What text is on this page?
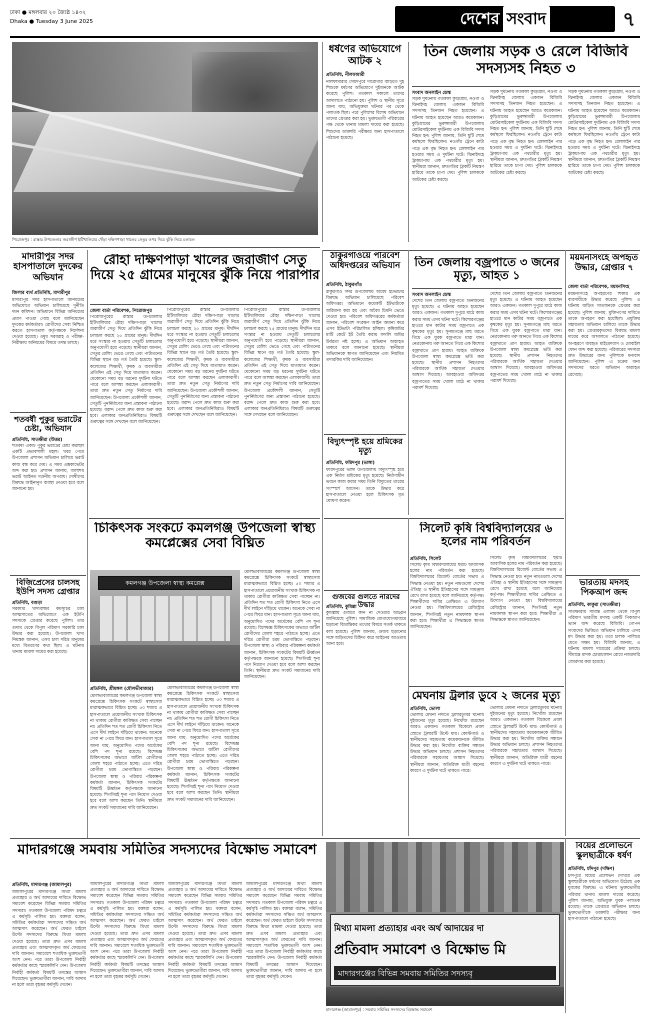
ঢাকা ● মঙ্গলবার ২০ জ্যৈষ্ঠ ১৪৩২
Dhaka ● Tuesday 3 June 2025	দেশের সংবাদ	৭
পিরোজপুর : রাস্তার উপজেলার জরাজীর্ণ ইটিখালিয়ার খেঁড়া দক্ষিণপাড়া খালের সেতুর ওপর দিয়ে ঝুঁকি নিয়ে চলাচল
ধর্ষণের অভিযোগে আটক ২
প্রতিনিধি, নীলফামারী
নীলফামারীর সৈয়দপুরে দারোগার বাড়িতে দুই শিশুকে ধর্ষণের অভিযোগে দুইজনকে আটক করেছে পুলিশ। গতকাল সকালে তাদের আদালতে পাঠানো হয়। পুলিশ ও স্থানীয় সূত্রে জানা যায়, অভিযুক্তরা ঘটনার পর থেকে পলাতক ছিল। পরে পুলিশের বিশেষ অভিযানে তাদের গ্রেপ্তার করা হয়। ভুক্তভোগী পরিবারের পক্ষ থেকে থানায় মামলা দায়ের করা হয়েছে। শিশুদের ডাক্তারি পরীক্ষার জন্য হাসপাতালে পাঠানো হয়েছে।
তিন জেলায় সড়ক ও রেলে বিজিবি সদস্যসহ নিহত ৩
সংবাদ অনলাইন ডেস্ক
সড়ক দুর্ঘটনায় গতকাল কুড়িগ্রাম, নওগাঁ ও ঝিনাইদহ জেলায় একজন বিজিবি সদস্যসহ তিনজন নিহত হয়েছেন। এ ঘটনায় আহত হয়েছেন আরও কয়েকজন। কুড়িগ্রামের ভুরুঙ্গামারী উপজেলায় মোটরসাইকেল দুর্ঘটনায় এক বিজিবি সদস্য নিহত হন। পুলিশ জানায়, তিনি ছুটি শেষে কর্মস্থলে ফিরছিলেন। নওগাঁয় ট্রেনে কাটা পড়ে এক বৃদ্ধ নিহত হন। রেললাইন পার হওয়ার সময় এ দুর্ঘটনা ঘটে। ঝিনাইদহে ট্রাকচাপায় এক পথচারীর মৃত্যু হয়। স্থানীয়রা জানান, দ্রুতগতির ট্রাকটি নিয়ন্ত্রণ হারিয়ে তাকে চাপা দেয়। পুলিশ চালককে আটকের চেষ্টা করছে।
সড়ক দুর্ঘটনায় গতকাল কুড়িগ্রাম, নওগাঁ ও ঝিনাইদহ জেলায় একজন বিজিবি সদস্যসহ তিনজন নিহত হয়েছেন। এ ঘটনায় আহত হয়েছেন আরও কয়েকজন। কুড়িগ্রামের ভুরুঙ্গামারী উপজেলায় মোটরসাইকেল দুর্ঘটনায় এক বিজিবি সদস্য নিহত হন। পুলিশ জানায়, তিনি ছুটি শেষে কর্মস্থলে ফিরছিলেন। নওগাঁয় ট্রেনে কাটা পড়ে এক বৃদ্ধ নিহত হন। রেললাইন পার হওয়ার সময় এ দুর্ঘটনা ঘটে। ঝিনাইদহে ট্রাকচাপায় এক পথচারীর মৃত্যু হয়। স্থানীয়রা জানান, দ্রুতগতির ট্রাকটি নিয়ন্ত্রণ হারিয়ে তাকে চাপা দেয়। পুলিশ চালককে আটকের চেষ্টা করছে।
সড়ক দুর্ঘটনায় গতকাল কুড়িগ্রাম, নওগাঁ ও ঝিনাইদহ জেলায় একজন বিজিবি সদস্যসহ তিনজন নিহত হয়েছেন। এ ঘটনায় আহত হয়েছেন আরও কয়েকজন। কুড়িগ্রামের ভুরুঙ্গামারী উপজেলায় মোটরসাইকেল দুর্ঘটনায় এক বিজিবি সদস্য নিহত হন। পুলিশ জানায়, তিনি ছুটি শেষে কর্মস্থলে ফিরছিলেন। নওগাঁয় ট্রেনে কাটা পড়ে এক বৃদ্ধ নিহত হন। রেললাইন পার হওয়ার সময় এ দুর্ঘটনা ঘটে। ঝিনাইদহে ট্রাকচাপায় এক পথচারীর মৃত্যু হয়। স্থানীয়রা জানান, দ্রুতগতির ট্রাকটি নিয়ন্ত্রণ হারিয়ে তাকে চাপা দেয়। পুলিশ চালককে আটকের চেষ্টা করছে।
মাদারীপুর সদর হাসপাতালে দুদকের অভিযান
জিলার ব্যর্থ প্রতিনিধি, মাদারীপুর
মাদারীপুর সদর হাসপাতালে অনিয়মের অভিযোগে অভিযান চালিয়েছে দুর্নীতি দমন কমিশন। অভিযানে বিভিন্ন অনিয়মের প্রমাণ পাওয়া গেছে বলে জানিয়েছেন দুদকের কর্মকর্তারা। রোগীদের সেবা নিশ্চিত করতে হাসপাতাল কর্তৃপক্ষকে নির্দেশনা দেওয়া হয়েছে। ওষুধ সরবরাহ ও পরীক্ষা-নিরীক্ষায় অনিয়মের বিষয়ে তদন্ত চলছে।
শতবর্ষী পুকুর ভরাটের চেষ্টা, অভিযান
প্রতিনিধি, সাতক্ষীরা (উত্তর)
শতবর্ষী একটি পুকুর ভরাটের চেষ্টা করছিল একটি প্রভাবশালী মহল। খবর পেয়ে উপজেলা প্রশাসন অভিযান চালিয়ে ভরাট কাজ বন্ধ করে দেয়। এ সময় এক্সকাভেটর জব্দ করা হয়। প্রশাসন জানায়, জলাশয় ভরাট আইনত দণ্ডনীয় অপরাধ। দোষীদের বিরুদ্ধে আইনানুগ ব্যবস্থা নেওয়া হবে বলে জানানো হয়।
বিজিপ্রেসের চালসহ ইউপি সদস্য গ্রেপ্তার
প্রতিনিধি, বগুড়া
সরকারি খাদ্যবান্ধব কর্মসূচির চাল আত্মসাতের অভিযোগে এক ইউপি সদস্যকে গ্রেপ্তার করেছে পুলিশ। তার গুদাম থেকে বিপুল পরিমাণ সরকারি চাল উদ্ধার করা হয়েছে। উপজেলা খাদ্য নিয়ন্ত্রক জানান, এসব চাল দরিদ্র মানুষের মধ্যে বিতরণের কথা ছিল। এ ঘটনায় থানায় মামলা দায়ের করা হয়েছে।
রৌহা দক্ষিণপাড়া খালের জরাজীর্ণ সেতু দিয়ে ২৫ গ্রামের মানুষের ঝুঁকি নিয়ে পারাপার
জেলা বার্তা পরিবেশক, পিরোজপুর
পিরোজপুরের রাস্তার উপজেলার ইটিখালিয়ার রৌহা দক্ষিণপাড়া খালের জরাজীর্ণ সেতু দিয়ে প্রতিদিন ঝুঁকি নিয়ে চলাচল করছে ২৫ গ্রামের মানুষ। দীর্ঘদিন ধরে সংস্কার না হওয়ায় সেতুটি চলাচলের অনুপযোগী হয়ে পড়েছে। স্থানীয়রা জানান, সেতুর রেলিং ভেঙে গেছে এবং পাটাতনের বিভিন্ন স্থানে বড় গর্ত তৈরি হয়েছে। স্কুল-কলেজের শিক্ষার্থী, কৃষক ও ব্যবসায়ীরা প্রতিদিন এই সেতু দিয়ে যাতায়াত করেন। যেকোনো সময় বড় ধরনের দুর্ঘটনা ঘটতে পারে বলে আশঙ্কা করছেন এলাকাবাসী। তারা দ্রুত নতুন সেতু নির্মাণের দাবি জানিয়েছেন। উপজেলা প্রকৌশলী জানান, সেতুটি পুনর্নির্মাণের জন্য প্রস্তাবনা পাঠানো হয়েছে। বরাদ্দ পেলে দ্রুত কাজ শুরু করা হবে। এলাকার জনপ্রতিনিধিরাও বিষয়টি গুরুত্বের সঙ্গে দেখছেন বলে জানিয়েছেন।
পিরোজপুরের রাস্তার উপজেলার ইটিখালিয়ার রৌহা দক্ষিণপাড়া খালের জরাজীর্ণ সেতু দিয়ে প্রতিদিন ঝুঁকি নিয়ে চলাচল করছে ২৫ গ্রামের মানুষ। দীর্ঘদিন ধরে সংস্কার না হওয়ায় সেতুটি চলাচলের অনুপযোগী হয়ে পড়েছে। স্থানীয়রা জানান, সেতুর রেলিং ভেঙে গেছে এবং পাটাতনের বিভিন্ন স্থানে বড় গর্ত তৈরি হয়েছে। স্কুল-কলেজের শিক্ষার্থী, কৃষক ও ব্যবসায়ীরা প্রতিদিন এই সেতু দিয়ে যাতায়াত করেন। যেকোনো সময় বড় ধরনের দুর্ঘটনা ঘটতে পারে বলে আশঙ্কা করছেন এলাকাবাসী। তারা দ্রুত নতুন সেতু নির্মাণের দাবি জানিয়েছেন। উপজেলা প্রকৌশলী জানান, সেতুটি পুনর্নির্মাণের জন্য প্রস্তাবনা পাঠানো হয়েছে। বরাদ্দ পেলে দ্রুত কাজ শুরু করা হবে। এলাকার জনপ্রতিনিধিরাও বিষয়টি গুরুত্বের সঙ্গে দেখছেন বলে জানিয়েছেন।
পিরোজপুরের রাস্তার উপজেলার ইটিখালিয়ার রৌহা দক্ষিণপাড়া খালের জরাজীর্ণ সেতু দিয়ে প্রতিদিন ঝুঁকি নিয়ে চলাচল করছে ২৫ গ্রামের মানুষ। দীর্ঘদিন ধরে সংস্কার না হওয়ায় সেতুটি চলাচলের অনুপযোগী হয়ে পড়েছে। স্থানীয়রা জানান, সেতুর রেলিং ভেঙে গেছে এবং পাটাতনের বিভিন্ন স্থানে বড় গর্ত তৈরি হয়েছে। স্কুল-কলেজের শিক্ষার্থী, কৃষক ও ব্যবসায়ীরা প্রতিদিন এই সেতু দিয়ে যাতায়াত করেন। যেকোনো সময় বড় ধরনের দুর্ঘটনা ঘটতে পারে বলে আশঙ্কা করছেন এলাকাবাসী। তারা দ্রুত নতুন সেতু নির্মাণের দাবি জানিয়েছেন। উপজেলা প্রকৌশলী জানান, সেতুটি পুনর্নির্মাণের জন্য প্রস্তাবনা পাঠানো হয়েছে। বরাদ্দ পেলে দ্রুত কাজ শুরু করা হবে। এলাকার জনপ্রতিনিধিরাও বিষয়টি গুরুত্বের সঙ্গে দেখছেন বলে জানিয়েছেন।
ঠাকুরগাঁওয়ে পরিবেশ অধিদপ্তরের অভিযান
প্রতিনিধি, ঠাকুরগাঁও
ঠাকুরগাঁও সদর উপজেলায় অবৈধ ইটভাটার বিরুদ্ধে অভিযান চালিয়েছে পরিবেশ অধিদপ্তর। অভিযানে কয়েকটি ইটভাটাকে জরিমানা করা হয় এবং অবৈধ চিমনি ভেঙে দেওয়া হয়। পরিবেশ অধিদপ্তরের কর্মকর্তারা জানান, পরিবেশ সংরক্ষণ আইন অমান্য করে এসব ইটভাটা পরিচালিত হচ্ছিল। কৃষিজমির মাটি কেটে ইট তৈরি করায় ফসলি জমির উর্বরতা নষ্ট হচ্ছে। এ অভিযান অব্যাহত থাকবে বলে জানানো হয়েছে। স্থানীয়রা অভিযানকে স্বাগত জানিয়েছেন এবং নিয়মিত তদারকির দাবি জানিয়েছেন।
বিদ্যুৎস্পৃষ্ট হয়ে শ্রমিকের মৃত্যু
প্রতিনিধি, ফরিদপুর (ভাঙ্গা)
ফরিদপুরের ভাঙ্গা উপজেলায় বিদ্যুৎস্পৃষ্ট হয়ে এক নির্মাণ শ্রমিকের মৃত্যু হয়েছে। নির্মাণাধীন ভবনে কাজ করার সময় তিনি বিদ্যুতের তারের সংস্পর্শে আসেন। তাকে উদ্ধার করে হাসপাতালে নেওয়া হলে চিকিৎসক মৃত ঘোষণা করেন।
তিন জেলায় বজ্রপাতে ৩ জনের মৃত্যু, আহত ১
সংবাদ অনলাইন ডেস্ক
দেশের তিন জেলায় বজ্রপাতে তিনজনের মৃত্যু হয়েছে। এ ঘটনায় আহত হয়েছেন আরও একজন। গতকাল দুপুরে মাঠে কাজ করার সময় এসব ঘটনা ঘটে। কিশোরগঞ্জের হাওরে ধান কাটার সময় বজ্রপাতে এক কৃষকের মৃত্যু হয়। সুনামগঞ্জে মাছ ধরতে গিয়ে এক যুবক বজ্রপাতে মারা যান। নেত্রকোনায় গরু আনতে গিয়ে এক কিশোর বজ্রাঘাতে প্রাণ হারায়। আহত ব্যক্তিকে উপজেলা স্বাস্থ্য কমপ্লেক্সে ভর্তি করা হয়েছে। স্থানীয় প্রশাসন নিহতদের পরিবারকে আর্থিক সহায়তা দেওয়ার আশ্বাস দিয়েছে। আবহাওয়া অধিদপ্তর বজ্রপাতের সময় খোলা মাঠে না থাকার পরামর্শ দিয়েছে।
দেশের তিন জেলায় বজ্রপাতে তিনজনের মৃত্যু হয়েছে। এ ঘটনায় আহত হয়েছেন আরও একজন। গতকাল দুপুরে মাঠে কাজ করার সময় এসব ঘটনা ঘটে। কিশোরগঞ্জের হাওরে ধান কাটার সময় বজ্রপাতে এক কৃষকের মৃত্যু হয়। সুনামগঞ্জে মাছ ধরতে গিয়ে এক যুবক বজ্রপাতে মারা যান। নেত্রকোনায় গরু আনতে গিয়ে এক কিশোর বজ্রাঘাতে প্রাণ হারায়। আহত ব্যক্তিকে উপজেলা স্বাস্থ্য কমপ্লেক্সে ভর্তি করা হয়েছে। স্থানীয় প্রশাসন নিহতদের পরিবারকে আর্থিক সহায়তা দেওয়ার আশ্বাস দিয়েছে। আবহাওয়া অধিদপ্তর বজ্রপাতের সময় খোলা মাঠে না থাকার পরামর্শ দিয়েছে।
ময়মনসিংহে অপহৃত উদ্ধার, গ্রেপ্তার ৭
জেলা বার্তা পরিবেশক, ময়মনসিংহ
ময়মনসিংহে অপহরণের শিকার এক ব্যবসায়ীকে উদ্ধার করেছে পুলিশ। এ ঘটনায় জড়িত সাতজনকে গ্রেপ্তার করা হয়েছে। পুলিশ জানায়, মুক্তিপণের দাবিতে তাকে অপহরণ করা হয়েছিল। প্রযুক্তির সহায়তায় অভিযান চালিয়ে তাকে উদ্ধার করা হয়। গ্রেপ্তারকৃতদের বিরুদ্ধে মামলা দায়ের করে আদালতে পাঠানো হয়েছে। অপহরণে ব্যবহৃত মাইক্রোবাস ও মোবাইল ফোন জব্দ করা হয়েছে। পরিবারের সদস্যরা দ্রুত উদ্ধারের জন্য পুলিশকে ধন্যবাদ জানিয়েছেন। পুলিশ এ চক্রের অন্য সদস্যদের ধরতে অভিযান অব্যাহত রেখেছে।
চিকিৎসক সংকটে কমলগঞ্জ উপজেলা স্বাস্থ্য কমপ্লেক্সের সেবা বিঘ্নিত
কমলগঞ্জ উপজেলা স্বাস্থ্য কমপ্লেক্স
প্রতিনিধি, শ্রীমঙ্গল (মৌলভীবাজার)
মৌলভীবাজারের কমলগঞ্জ উপজেলা স্বাস্থ্য কমপ্লেক্সে চিকিৎসক সংকটে স্বাস্থ্যসেবা মারাত্মকভাবে বিঘ্নিত হচ্ছে। ৫০ শয্যার এ হাসপাতালে প্রয়োজনীয় সংখ্যক চিকিৎসক না থাকায় রোগীরা কাঙ্ক্ষিত সেবা পাচ্ছেন না। প্রতিদিন শত শত রোগী চিকিৎসা নিতে এসে দীর্ঘ লাইনে দাঁড়িয়ে থাকেন। অনেকে সেবা না পেয়ে ফিরে যান। হাসপাতাল সূত্রে জানা যায়, অনুমোদিত পদের অর্ধেকের বেশি পদ শূন্য রয়েছে। বিশেষজ্ঞ চিকিৎসকের অভাবে জটিল রোগীদের জেলা শহরে পাঠাতে হচ্ছে। এতে দরিদ্র রোগীরা চরম ভোগান্তিতে পড়ছেন। উপজেলা স্বাস্থ্য ও পরিবার পরিকল্পনা কর্মকর্তা জানান, চিকিৎসক সংকটের বিষয়টি ঊর্ধ্বতন কর্তৃপক্ষকে জানানো হয়েছে। শিগগিরই শূন্য পদে নিয়োগ দেওয়া হবে বলে আশা করছেন তিনি। স্থানীয়রা দ্রুত সংকট সমাধানের দাবি জানিয়েছেন।
মৌলভীবাজারের কমলগঞ্জ উপজেলা স্বাস্থ্য কমপ্লেক্সে চিকিৎসক সংকটে স্বাস্থ্যসেবা মারাত্মকভাবে বিঘ্নিত হচ্ছে। ৫০ শয্যার এ হাসপাতালে প্রয়োজনীয় সংখ্যক চিকিৎসক না থাকায় রোগীরা কাঙ্ক্ষিত সেবা পাচ্ছেন না। প্রতিদিন শত শত রোগী চিকিৎসা নিতে এসে দীর্ঘ লাইনে দাঁড়িয়ে থাকেন। অনেকে সেবা না পেয়ে ফিরে যান। হাসপাতাল সূত্রে জানা যায়, অনুমোদিত পদের অর্ধেকের বেশি পদ শূন্য রয়েছে। বিশেষজ্ঞ চিকিৎসকের অভাবে জটিল রোগীদের জেলা শহরে পাঠাতে হচ্ছে। এতে দরিদ্র রোগীরা চরম ভোগান্তিতে পড়ছেন। উপজেলা স্বাস্থ্য ও পরিবার পরিকল্পনা কর্মকর্তা জানান, চিকিৎসক সংকটের বিষয়টি ঊর্ধ্বতন কর্তৃপক্ষকে জানানো হয়েছে। শিগগিরই শূন্য পদে নিয়োগ দেওয়া হবে বলে আশা করছেন তিনি। স্থানীয়রা দ্রুত সংকট সমাধানের দাবি জানিয়েছেন।
মৌলভীবাজারের কমলগঞ্জ উপজেলা স্বাস্থ্য কমপ্লেক্সে চিকিৎসক সংকটে স্বাস্থ্যসেবা মারাত্মকভাবে বিঘ্নিত হচ্ছে। ৫০ শয্যার এ হাসপাতালে প্রয়োজনীয় সংখ্যক চিকিৎসক না থাকায় রোগীরা কাঙ্ক্ষিত সেবা পাচ্ছেন না। প্রতিদিন শত শত রোগী চিকিৎসা নিতে এসে দীর্ঘ লাইনে দাঁড়িয়ে থাকেন। অনেকে সেবা না পেয়ে ফিরে যান। হাসপাতাল সূত্রে জানা যায়, অনুমোদিত পদের অর্ধেকের বেশি পদ শূন্য রয়েছে। বিশেষজ্ঞ চিকিৎসকের অভাবে জটিল রোগীদের জেলা শহরে পাঠাতে হচ্ছে। এতে দরিদ্র রোগীরা চরম ভোগান্তিতে পড়ছেন। উপজেলা স্বাস্থ্য ও পরিবার পরিকল্পনা কর্মকর্তা জানান, চিকিৎসক সংকটের বিষয়টি ঊর্ধ্বতন কর্তৃপক্ষকে জানানো হয়েছে। শিগগিরই শূন্য পদে নিয়োগ দেওয়া হবে বলে আশা করছেন তিনি। স্থানীয়রা দ্রুত সংকট সমাধানের দাবি জানিয়েছেন।
সিলেট কৃষি বিশ্ববিদ্যালয়ের ৬ হলের নাম পরিবর্তন
প্রতিনিধি, সিলেট
সিলেট কৃষি বিশ্ববিদ্যালয়ের ছয়টি আবাসিক হলের নাম পরিবর্তন করা হয়েছে। বিশ্ববিদ্যালয়ের রিজেন্ট বোর্ডের সভায় এ সিদ্ধান্ত নেওয়া হয়। নতুন নামগুলো দেশের ঐতিহ্য ও স্থানীয় ইতিহাসের সঙ্গে সামঞ্জস্য রেখে রাখা হয়েছে বলে জানিয়েছে কর্তৃপক্ষ। শিক্ষার্থীদের দাবির প্রেক্ষিতে এ উদ্যোগ নেওয়া হয়। বিশ্ববিদ্যালয়ের রেজিস্ট্রার জানান, শিগগিরই নতুন নামফলক স্থাপন করা হবে। শিক্ষার্থীরা এ সিদ্ধান্তকে স্বাগত জানিয়েছেন।
সিলেট কৃষি বিশ্ববিদ্যালয়ের ছয়টি আবাসিক হলের নাম পরিবর্তন করা হয়েছে। বিশ্ববিদ্যালয়ের রিজেন্ট বোর্ডের সভায় এ সিদ্ধান্ত নেওয়া হয়। নতুন নামগুলো দেশের ঐতিহ্য ও স্থানীয় ইতিহাসের সঙ্গে সামঞ্জস্য রেখে রাখা হয়েছে বলে জানিয়েছে কর্তৃপক্ষ। শিক্ষার্থীদের দাবির প্রেক্ষিতে এ উদ্যোগ নেওয়া হয়। বিশ্ববিদ্যালয়ের রেজিস্ট্রার জানান, শিগগিরই নতুন নামফলক স্থাপন করা হবে। শিক্ষার্থীরা এ সিদ্ধান্তকে স্বাগত জানিয়েছেন।
গুজবের গুলতে নারদের উদ্ধার
প্রতিনিধি, কুমিল্লা
কুমিল্লায় গুজবে কান না দেওয়ার আহ্বান জানিয়েছে পুলিশ। সামাজিক যোগাযোগমাধ্যমে ছড়ানো বিভ্রান্তিকর তথ্যের বিষয়ে সতর্ক থাকতে বলা হয়েছে। পুলিশ জানায়, গুজব ছড়ানোর সঙ্গে জড়িতদের চিহ্নিত করে আইনের আওতায় আনা হবে।
মেঘনায় ট্রলার ডুবে ২ জনের মৃত্যু
প্রতিনিধি, ভোলা
ভোলার মেঘনা নদীতে ট্রলারডুবির ঘটনায় দুইজনের মৃত্যু হয়েছে। নিখোঁজ রয়েছেন আরও একজন। গতকাল বিকেলে প্রবল স্রোতে ট্রলারটি উল্টে যায়। কোস্টগার্ড ও স্থানীয়দের সহায়তায় কয়েকজনকে জীবিত উদ্ধার করা হয়। নিখোঁজ ব্যক্তির সন্ধানে উদ্ধার অভিযান চলছে। প্রশাসন নিহতদের পরিবারকে সহায়তার আশ্বাস দিয়েছে। স্থানীয়রা জানান, অতিরিক্ত যাত্রী বহনের কারণে এ দুর্ঘটনা ঘটে থাকতে পারে।
ভোলার মেঘনা নদীতে ট্রলারডুবির ঘটনায় দুইজনের মৃত্যু হয়েছে। নিখোঁজ রয়েছেন আরও একজন। গতকাল বিকেলে প্রবল স্রোতে ট্রলারটি উল্টে যায়। কোস্টগার্ড ও স্থানীয়দের সহায়তায় কয়েকজনকে জীবিত উদ্ধার করা হয়। নিখোঁজ ব্যক্তির সন্ধানে উদ্ধার অভিযান চলছে। প্রশাসন নিহতদের পরিবারকে সহায়তার আশ্বাস দিয়েছে। স্থানীয়রা জানান, অতিরিক্ত যাত্রী বহনের কারণে এ দুর্ঘটনা ঘটে থাকতে পারে।
ভারতীয় মদসহ পিকআপ জব্দ
প্রতিনিধি, কাকুরা (সাতক্ষীরা)
সাতক্ষীরায় সীমান্ত এলাকা থেকে বিপুল পরিমাণ ভারতীয় মদসহ একটি পিকআপ ভ্যান জব্দ করেছে বিজিবি। গোপন সংবাদের ভিত্তিতে অভিযান চালিয়ে এসব মদ উদ্ধার করা হয়। তবে চালক পালিয়ে যেতে সক্ষম হয়। বিজিবি জানায়, এ ঘটনায় মামলা দায়েরের প্রক্রিয়া চলছে। সীমান্তে মাদক চোরাচালান রোধে নজরদারি জোরদার করা হয়েছে।
মাদারগঞ্জে সমবায় সমিতির সদস্যদের বিক্ষোভ সমাবেশ
প্রতিনিধি, মাদারগঞ্জ (জামালপুর)
জামালপুরের মাদারগঞ্জে মিথ্যা মামলা প্রত্যাহার ও অর্থ আদায়ের দাবিতে বিক্ষোভ সমাবেশ করেছেন বিভিন্ন সমবায় সমিতির সদস্যরা। গতকাল উপজেলা পরিষদ চত্বরে এ কর্মসূচি পালিত হয়। বক্তারা বলেন, সমিতির কর্মকর্তারা সদস্যদের সঞ্চিত অর্থ আত্মসাৎ করেছেন। অর্থ ফেরত চাইলে উল্টো সদস্যদের বিরুদ্ধে মিথ্যা মামলা দেওয়া হয়েছে। তারা দ্রুত এসব মামলা প্রত্যাহার এবং আত্মসাৎকৃত অর্থ ফেরতের দাবি জানান। সমাবেশে শতাধিক ভুক্তভোগী অংশ নেন। পরে তারা উপজেলা নির্বাহী কর্মকর্তার কাছে স্মারকলিপি দেন। উপজেলা নির্বাহী কর্মকর্তা বিষয়টি তদন্তের আশ্বাস দিয়েছেন। ভুক্তভোগীরা জানান, দাবি আদায় না হলে তারা বৃহত্তর কর্মসূচি দেবেন।
জামালপুরের মাদারগঞ্জে মিথ্যা মামলা প্রত্যাহার ও অর্থ আদায়ের দাবিতে বিক্ষোভ সমাবেশ করেছেন বিভিন্ন সমবায় সমিতির সদস্যরা। গতকাল উপজেলা পরিষদ চত্বরে এ কর্মসূচি পালিত হয়। বক্তারা বলেন, সমিতির কর্মকর্তারা সদস্যদের সঞ্চিত অর্থ আত্মসাৎ করেছেন। অর্থ ফেরত চাইলে উল্টো সদস্যদের বিরুদ্ধে মিথ্যা মামলা দেওয়া হয়েছে। তারা দ্রুত এসব মামলা প্রত্যাহার এবং আত্মসাৎকৃত অর্থ ফেরতের দাবি জানান। সমাবেশে শতাধিক ভুক্তভোগী অংশ নেন। পরে তারা উপজেলা নির্বাহী কর্মকর্তার কাছে স্মারকলিপি দেন। উপজেলা নির্বাহী কর্মকর্তা বিষয়টি তদন্তের আশ্বাস দিয়েছেন। ভুক্তভোগীরা জানান, দাবি আদায় না হলে তারা বৃহত্তর কর্মসূচি দেবেন।
জামালপুরের মাদারগঞ্জে মিথ্যা মামলা প্রত্যাহার ও অর্থ আদায়ের দাবিতে বিক্ষোভ সমাবেশ করেছেন বিভিন্ন সমবায় সমিতির সদস্যরা। গতকাল উপজেলা পরিষদ চত্বরে এ কর্মসূচি পালিত হয়। বক্তারা বলেন, সমিতির কর্মকর্তারা সদস্যদের সঞ্চিত অর্থ আত্মসাৎ করেছেন। অর্থ ফেরত চাইলে উল্টো সদস্যদের বিরুদ্ধে মিথ্যা মামলা দেওয়া হয়েছে। তারা দ্রুত এসব মামলা প্রত্যাহার এবং আত্মসাৎকৃত অর্থ ফেরতের দাবি জানান। সমাবেশে শতাধিক ভুক্তভোগী অংশ নেন। পরে তারা উপজেলা নির্বাহী কর্মকর্তার কাছে স্মারকলিপি দেন। উপজেলা নির্বাহী কর্মকর্তা বিষয়টি তদন্তের আশ্বাস দিয়েছেন। ভুক্তভোগীরা জানান, দাবি আদায় না হলে তারা বৃহত্তর কর্মসূচি দেবেন।
জামালপুরের মাদারগঞ্জে মিথ্যা মামলা প্রত্যাহার ও অর্থ আদায়ের দাবিতে বিক্ষোভ সমাবেশ করেছেন বিভিন্ন সমবায় সমিতির সদস্যরা। গতকাল উপজেলা পরিষদ চত্বরে এ কর্মসূচি পালিত হয়। বক্তারা বলেন, সমিতির কর্মকর্তারা সদস্যদের সঞ্চিত অর্থ আত্মসাৎ করেছেন। অর্থ ফেরত চাইলে উল্টো সদস্যদের বিরুদ্ধে মিথ্যা মামলা দেওয়া হয়েছে। তারা দ্রুত এসব মামলা প্রত্যাহার এবং আত্মসাৎকৃত অর্থ ফেরতের দাবি জানান। সমাবেশে শতাধিক ভুক্তভোগী অংশ নেন। পরে তারা উপজেলা নির্বাহী কর্মকর্তার কাছে স্মারকলিপি দেন। উপজেলা নির্বাহী কর্মকর্তা বিষয়টি তদন্তের আশ্বাস দিয়েছেন। ভুক্তভোগীরা জানান, দাবি আদায় না হলে তারা বৃহত্তর কর্মসূচি দেবেন।
মিথ্যা মামলা প্রত্যাহার এবং অর্থ আদায়ের দা
প্রতিবাদ সমাবেশ ও বিক্ষোভ মি
মাদারগঞ্জের বিভিন্ন সমবায় সমিতির সদস্যবৃ
মাদারগঞ্জ (জামালপুর) : সমবায় সমিতির সদস্যদের বিক্ষোভ সমাবেশ
বিয়ের প্রলোভনে স্কুলছাত্রীকে ধর্ষণ
প্রতিনিধি, চাঁদপুর (দক্ষিণ)
চাঁদপুরে বিয়ের প্রলোভন দেখিয়ে এক স্কুলছাত্রীকে ধর্ষণের অভিযোগ উঠেছে এক যুবকের বিরুদ্ধে। এ ঘটনায় ভুক্তভোগীর পরিবার থানায় মামলা দায়ের করেছে। পুলিশ জানায়, অভিযুক্ত যুবক পলাতক রয়েছে। তাকে গ্রেপ্তারে অভিযান চলছে। ভুক্তভোগীকে ডাক্তারি পরীক্ষার জন্য হাসপাতালে পাঠানো হয়েছে।
